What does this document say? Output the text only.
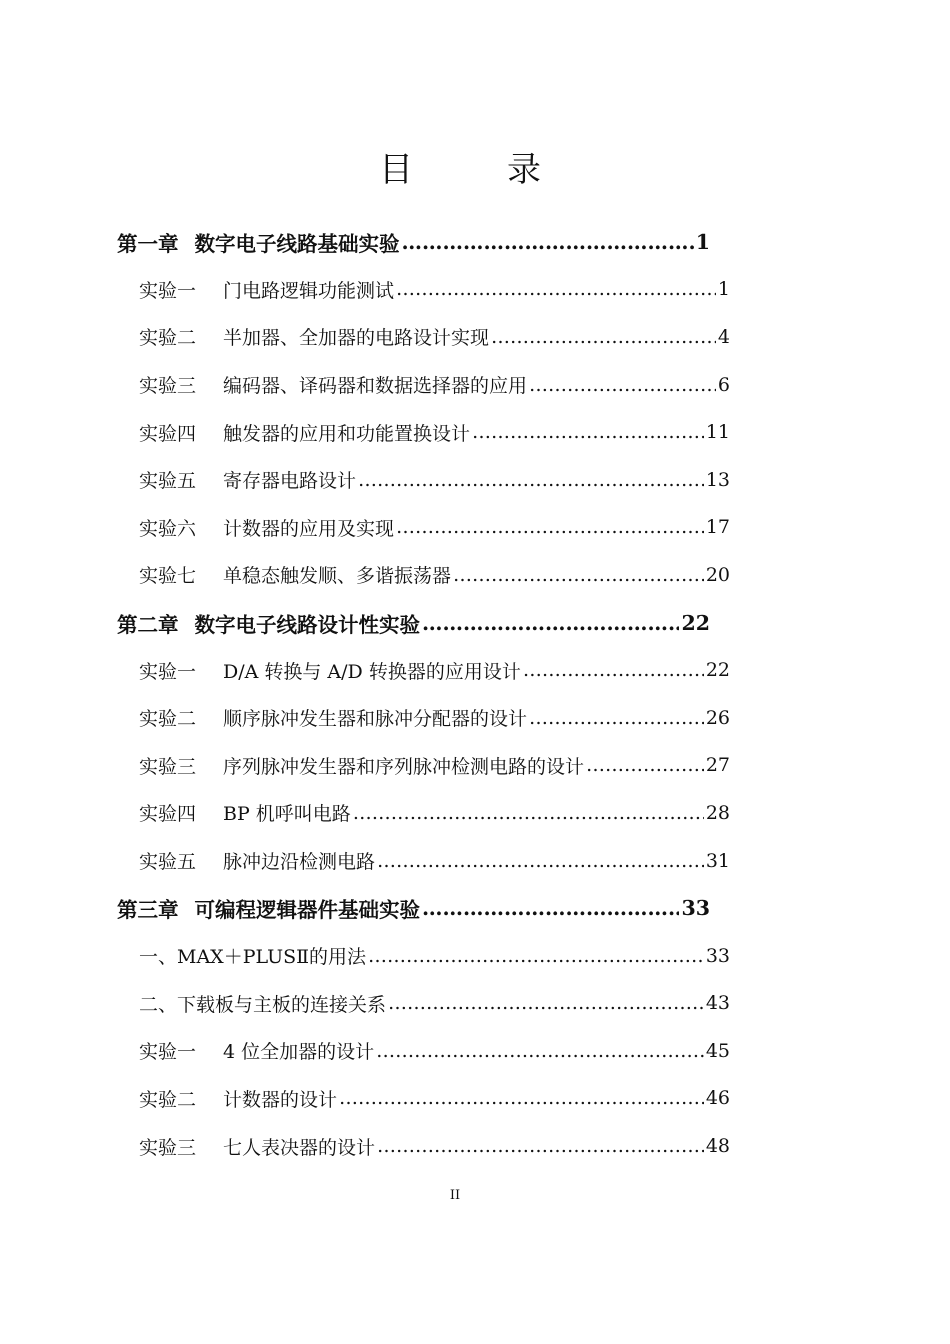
目　录
第一章 数字电子线路基础实验 ……………………………………………………………………………………………………………………………………	1
实验一 门电路逻辑功能测试 ……………………………………………………………………………………………………………………………………	1
实验二 半加器、全加器的电路设计实现 ……………………………………………………………………………………………………………………………………	4
实验三 编码器、译码器和数据选择器的应用 ……………………………………………………………………………………………………………………………………	6
实验四 触发器的应用和功能置换设计 ……………………………………………………………………………………………………………………………………	11
实验五 寄存器电路设计 ……………………………………………………………………………………………………………………………………	13
实验六 计数器的应用及实现 ……………………………………………………………………………………………………………………………………	17
实验七 单稳态触发顺、多谐振荡器 ……………………………………………………………………………………………………………………………………	20
第二章 数字电子线路设计性实验 ……………………………………………………………………………………………………………………………………	22
实验一 D/A 转换与 A/D 转换器的应用设计 ……………………………………………………………………………………………………………………………………	22
实验二 顺序脉冲发生器和脉冲分配器的设计 ……………………………………………………………………………………………………………………………………	26
实验三 序列脉冲发生器和序列脉冲检测电路的设计 ……………………………………………………………………………………………………………………………………	27
实验四 BP 机呼叫电路 ……………………………………………………………………………………………………………………………………	28
实验五 脉冲边沿检测电路 ……………………………………………………………………………………………………………………………………	31
第三章 可编程逻辑器件基础实验 ……………………………………………………………………………………………………………………………………	33
一、MAX＋PLUSⅡ的用法 ……………………………………………………………………………………………………………………………………	33
二、下载板与主板的连接关系 ……………………………………………………………………………………………………………………………………	43
实验一 4 位全加器的设计 ……………………………………………………………………………………………………………………………………	45
实验二 计数器的设计 ……………………………………………………………………………………………………………………………………	46
实验三 七人表决器的设计 ……………………………………………………………………………………………………………………………………	48
II
